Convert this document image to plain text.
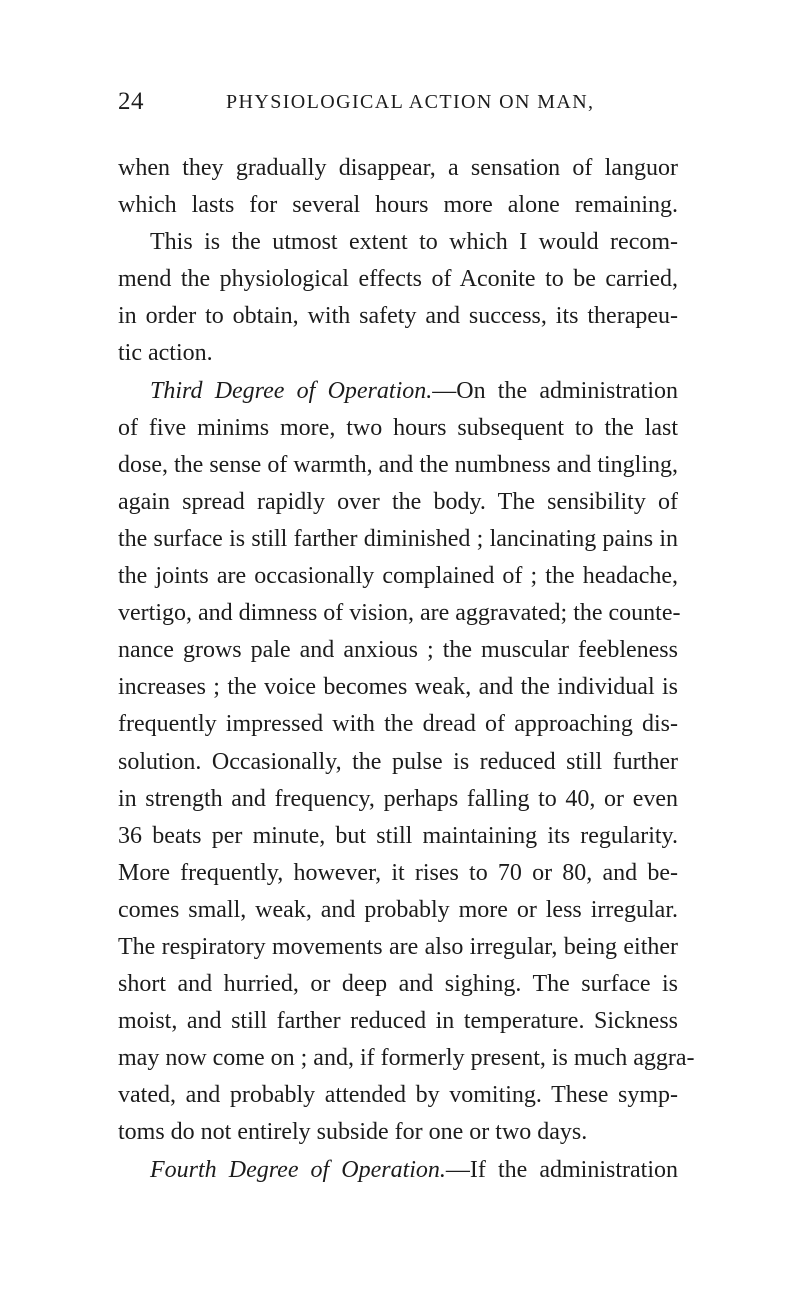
24	PHYSIOLOGICAL ACTION ON MAN,
when they gradually disappear, a sensation of languor
which lasts for several hours more alone remaining.
This is the utmost extent to which I would recom-
mend the physiological effects of Aconite to be carried,
in order to obtain, with safety and success, its therapeu-
tic action.
Third Degree of Operation.—On the administration
of five minims more, two hours subsequent to the last
dose, the sense of warmth, and the numbness and tingling,
again spread rapidly over the body. The sensibility of
the surface is still farther diminished ; lancinating pains in
the joints are occasionally complained of ; the headache,
vertigo, and dimness of vision, are aggravated; the counte-
nance grows pale and anxious ; the muscular feebleness
increases ; the voice becomes weak, and the individual is
frequently impressed with the dread of approaching dis-
solution. Occasionally, the pulse is reduced still further
in strength and frequency, perhaps falling to 40, or even
36 beats per minute, but still maintaining its regularity.
More frequently, however, it rises to 70 or 80, and be-
comes small, weak, and probably more or less irregular.
The respiratory movements are also irregular, being either
short and hurried, or deep and sighing. The surface is
moist, and still farther reduced in temperature. Sickness
may now come on ; and, if formerly present, is much aggra-
vated, and probably attended by vomiting. These symp-
toms do not entirely subside for one or two days.
Fourth Degree of Operation.—If the administration
